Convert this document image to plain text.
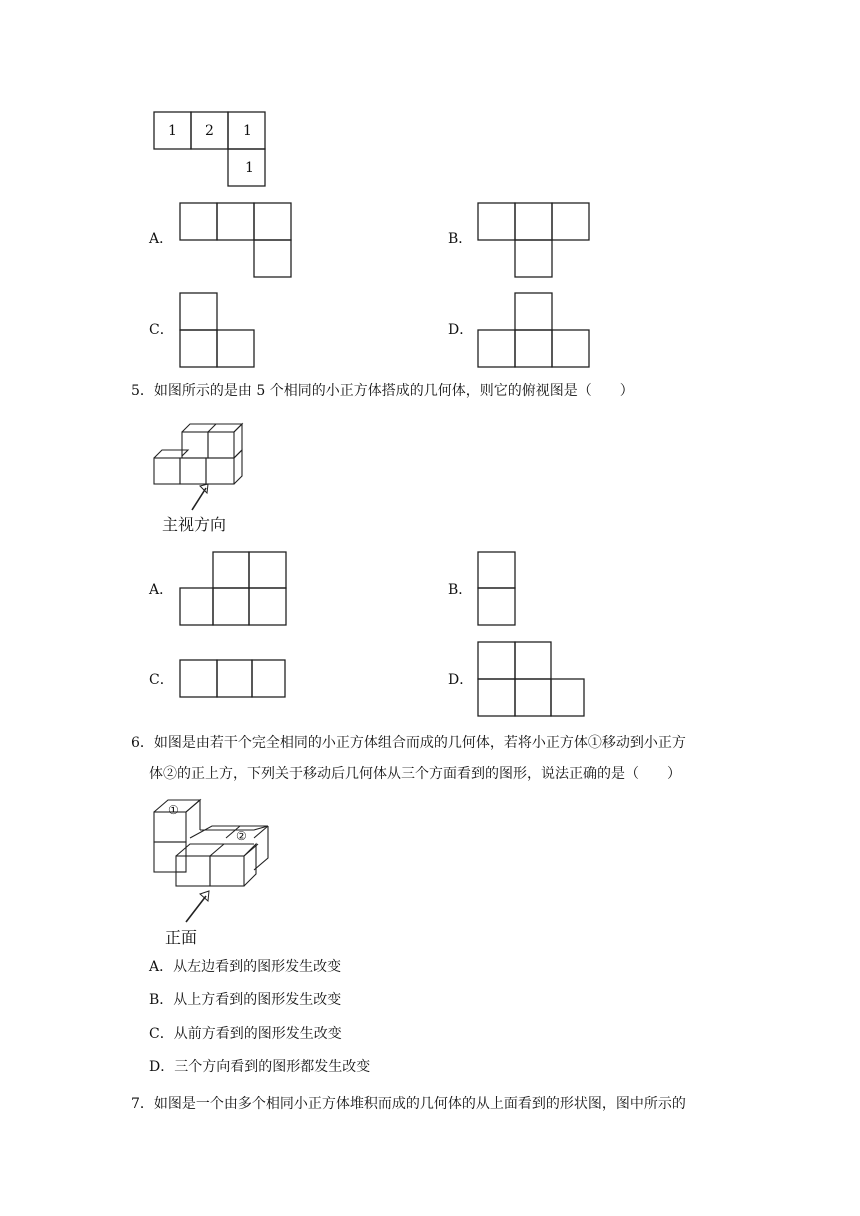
1 2 1
1
A．	B．
C．	D．
5．如图所示的是由 5 个相同的小正方体搭成的几何体，则它的俯视图是（　　）
主视方向
A．	B．
C．	D．
6．如图是由若干个完全相同的小正方体组合而成的几何体，若将小正方体①移动到小正方
体②的正上方，下列关于移动后几何体从三个方面看到的图形，说法正确的是（　　）
①
②
正面
A．从左边看到的图形发生改变
B．从上方看到的图形发生改变
C．从前方看到的图形发生改变
D．三个方向看到的图形都发生改变
7．如图是一个由多个相同小正方体堆积而成的几何体的从上面看到的形状图，图中所示的
